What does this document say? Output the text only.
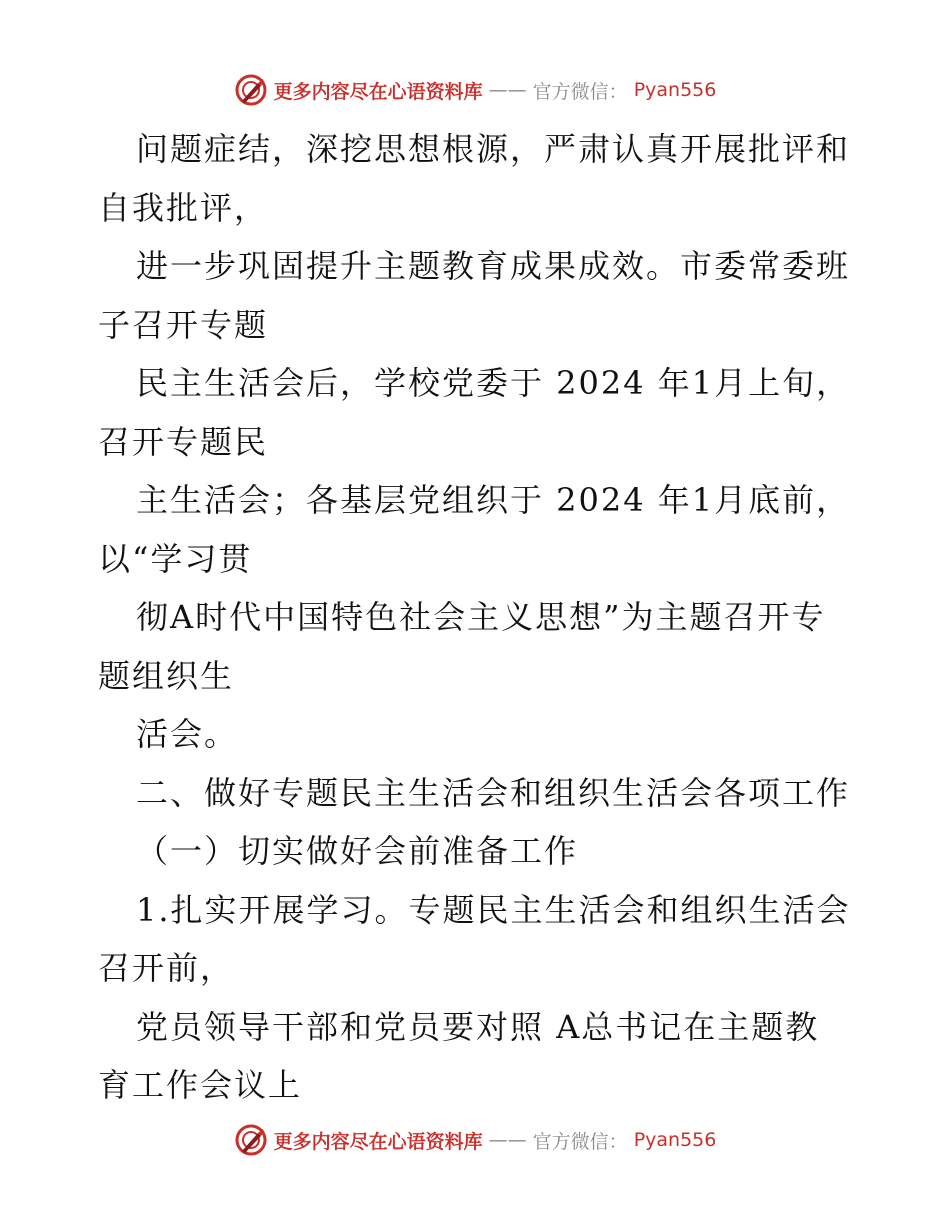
更多内容尽在心语资料库 —— 官方微信： Pyan556
问题症结，深挖思想根源，严肃认真开展批评和
自我批评，
进一步巩固提升主题教育成果成效。市委常委班
子召开专题
民主生活会后，学校党委于 2024 年1月上旬，
召开专题民
主生活会；各基层党组织于 2024 年1月底前，
以“学习贯
彻A时代中国特色社会主义思想”为主题召开专
题组织生
活会。
二、做好专题民主生活会和组织生活会各项工作
（一）切实做好会前准备工作
1.扎实开展学习。专题民主生活会和组织生活会
召开前，
党员领导干部和党员要对照 A总书记在主题教
育工作会议上
更多内容尽在心语资料库 —— 官方微信： Pyan556
